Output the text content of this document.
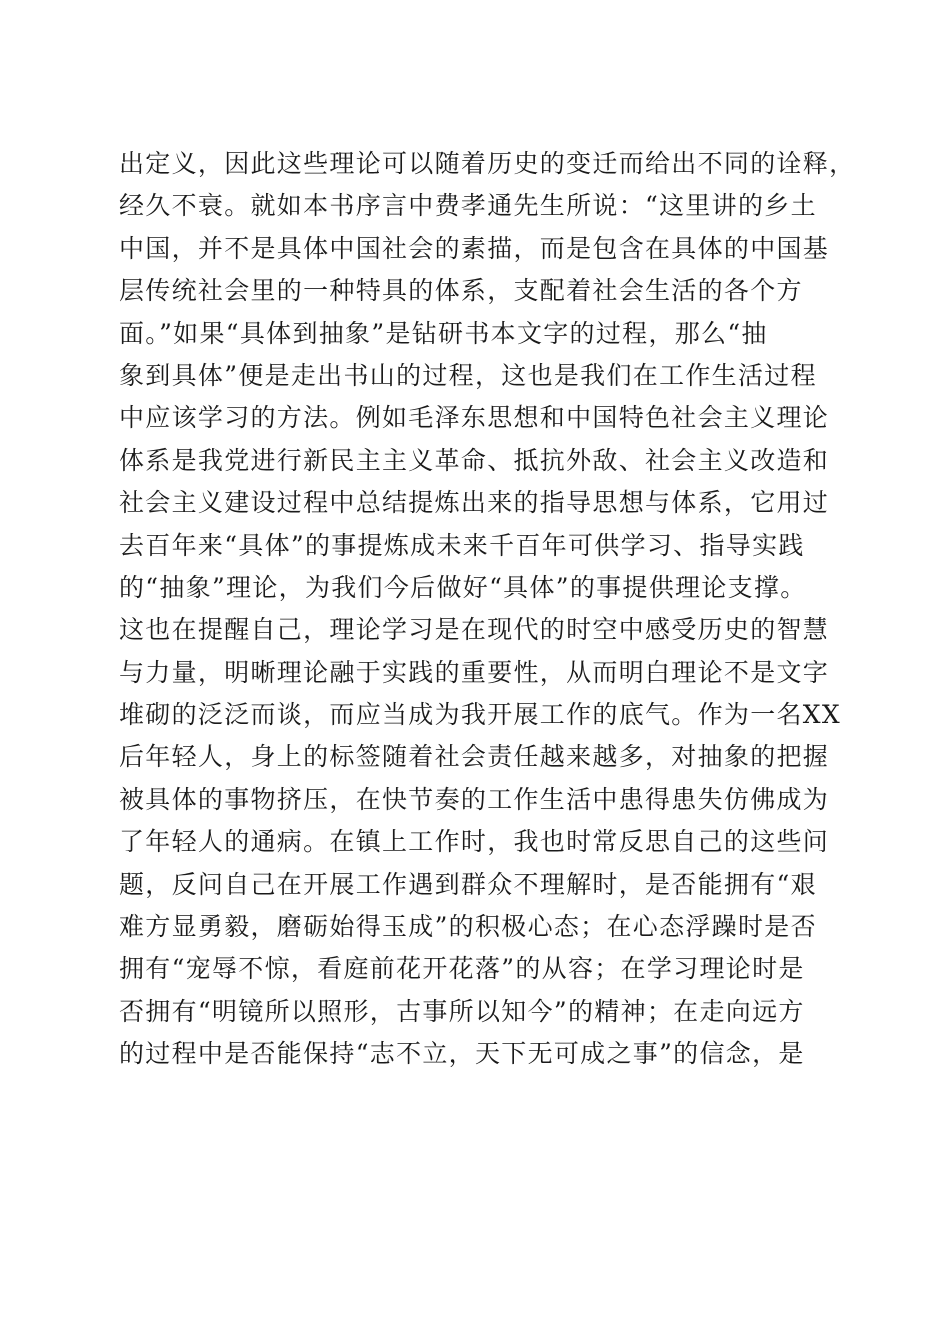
出定义，因此这些理论可以随着历史的变迁而给出不同的诠释，
经久不衰。就如本书序言中费孝通先生所说：“这里讲的乡土
中国，并不是具体中国社会的素描，而是包含在具体的中国基
层传统社会里的一种特具的体系，支配着社会生活的各个方
面。”如果“具体到抽象”是钻研书本文字的过程，那么“抽
象到具体”便是走出书山的过程，这也是我们在工作生活过程
中应该学习的方法。例如毛泽东思想和中国特色社会主义理论
体系是我党进行新民主主义革命、抵抗外敌、社会主义改造和
社会主义建设过程中总结提炼出来的指导思想与体系，它用过
去百年来“具体”的事提炼成未来千百年可供学习、指导实践
的“抽象”理论，为我们今后做好“具体”的事提供理论支撑。
这也在提醒自己，理论学习是在现代的时空中感受历史的智慧
与力量，明晰理论融于实践的重要性，从而明白理论不是文字
堆砌的泛泛而谈，而应当成为我开展工作的底气。作为一名XX
后年轻人，身上的标签随着社会责任越来越多，对抽象的把握
被具体的事物挤压，在快节奏的工作生活中患得患失仿佛成为
了年轻人的通病。在镇上工作时，我也时常反思自己的这些问
题，反问自己在开展工作遇到群众不理解时，是否能拥有“艰
难方显勇毅，磨砺始得玉成”的积极心态；在心态浮躁时是否
拥有“宠辱不惊，看庭前花开花落”的从容；在学习理论时是
否拥有“明镜所以照形，古事所以知今”的精神；在走向远方
的过程中是否能保持“志不立，天下无可成之事”的信念，是
